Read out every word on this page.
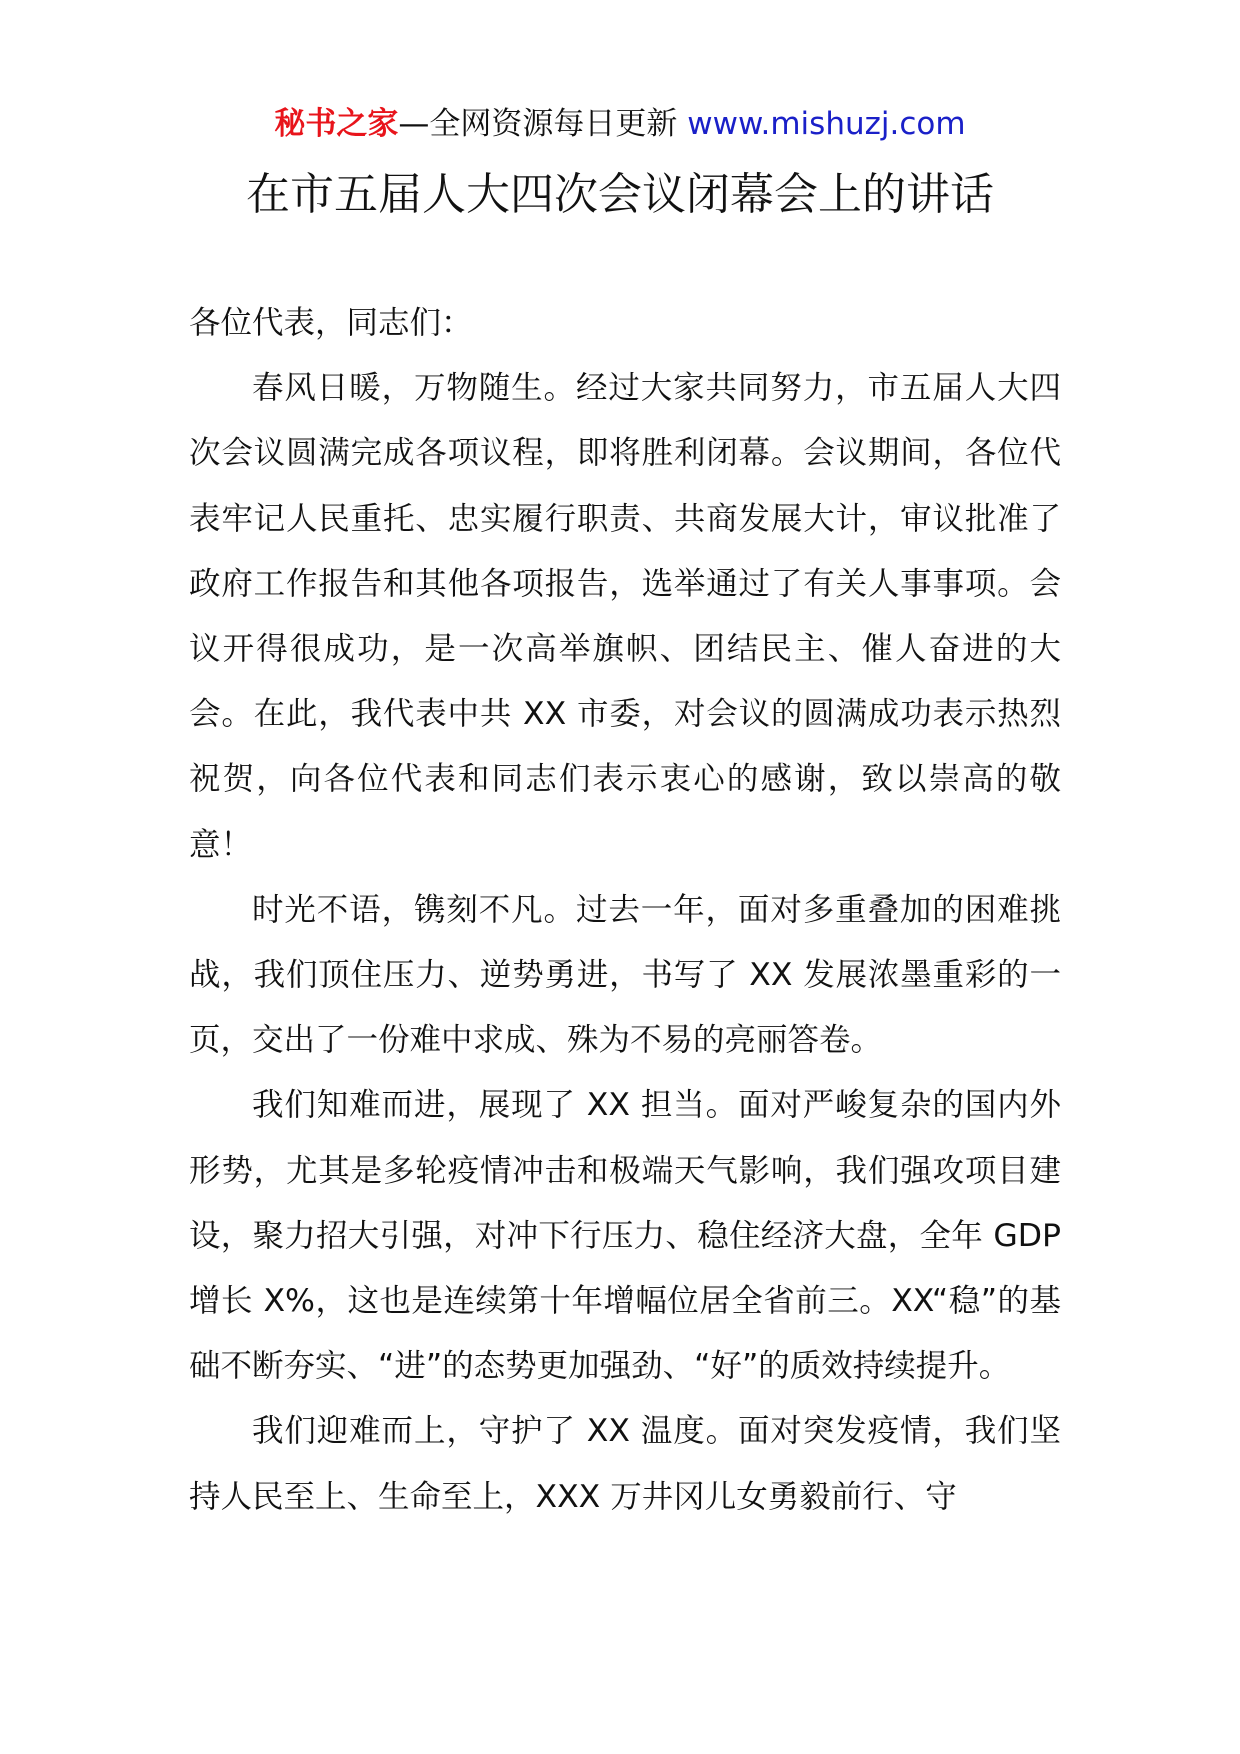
秘书之家—全网资源每日更新 www.mishuzj.com
在市五届人大四次会议闭幕会上的讲话

各位代表，同志们：

春风日暖，万物随生。经过大家共同努力，市五届人大四次会议圆满完成各项议程，即将胜利闭幕。会议期间，各位代表牢记人民重托、忠实履行职责、共商发展大计，审议批准了政府工作报告和其他各项报告，选举通过了有关人事事项。会议开得很成功，是一次高举旗帜、团结民主、催人奋进的大会。在此，我代表中共 XX 市委，对会议的圆满成功表示热烈祝贺，向各位代表和同志们表示衷心的感谢，致以崇高的敬意！

时光不语，镌刻不凡。过去一年，面对多重叠加的困难挑战，我们顶住压力、逆势勇进，书写了 XX 发展浓墨重彩的一页，交出了一份难中求成、殊为不易的亮丽答卷。

我们知难而进，展现了 XX 担当。面对严峻复杂的国内外形势，尤其是多轮疫情冲击和极端天气影响，我们强攻项目建设，聚力招大引强，对冲下行压力、稳住经济大盘，全年 GDP 增长 X%，这也是连续第十年增幅位居全省前三。XX“稳”的基础不断夯实、“进”的态势更加强劲、“好”的质效持续提升。

我们迎难而上，守护了 XX 温度。面对突发疫情，我们坚持人民至上、生命至上，XXX 万井冈儿女勇毅前行、守
